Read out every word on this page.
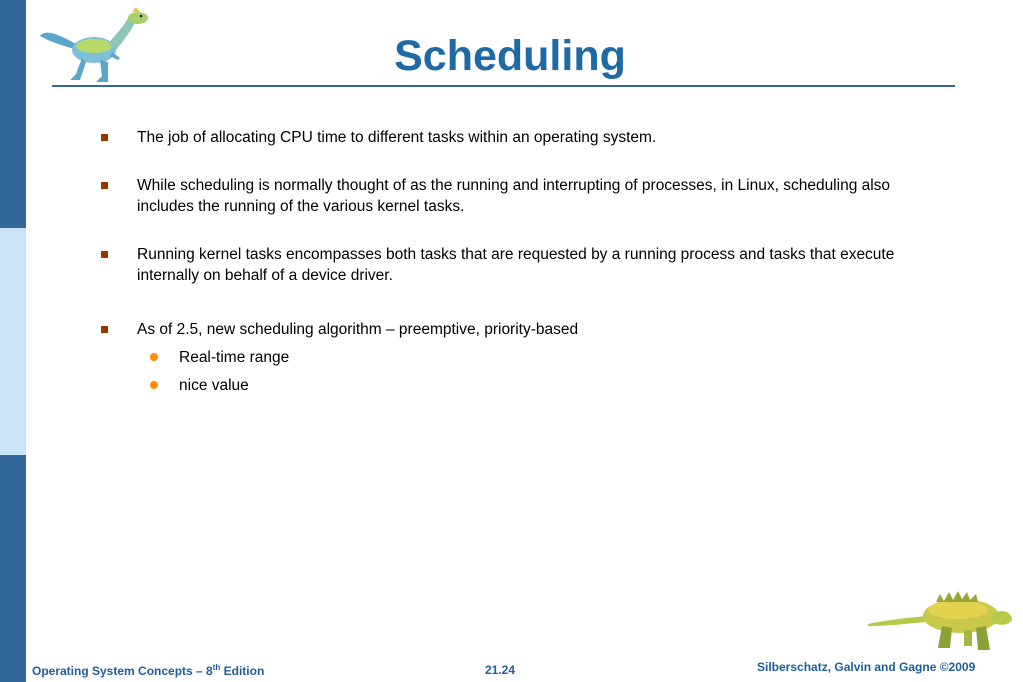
Scheduling
The job of allocating CPU time to different tasks within an operating system.
While scheduling is normally thought of as the running and interrupting of processes, in Linux, scheduling also includes the running of the various kernel tasks.
Running kernel tasks encompasses both tasks that are requested by a running process and tasks that execute internally on behalf of a device driver.
As of 2.5, new scheduling algorithm – preemptive, priority-based
Real-time range
nice value
Operating System Concepts – 8th Edition	21.24	Silberschatz, Galvin and Gagne ©2009
